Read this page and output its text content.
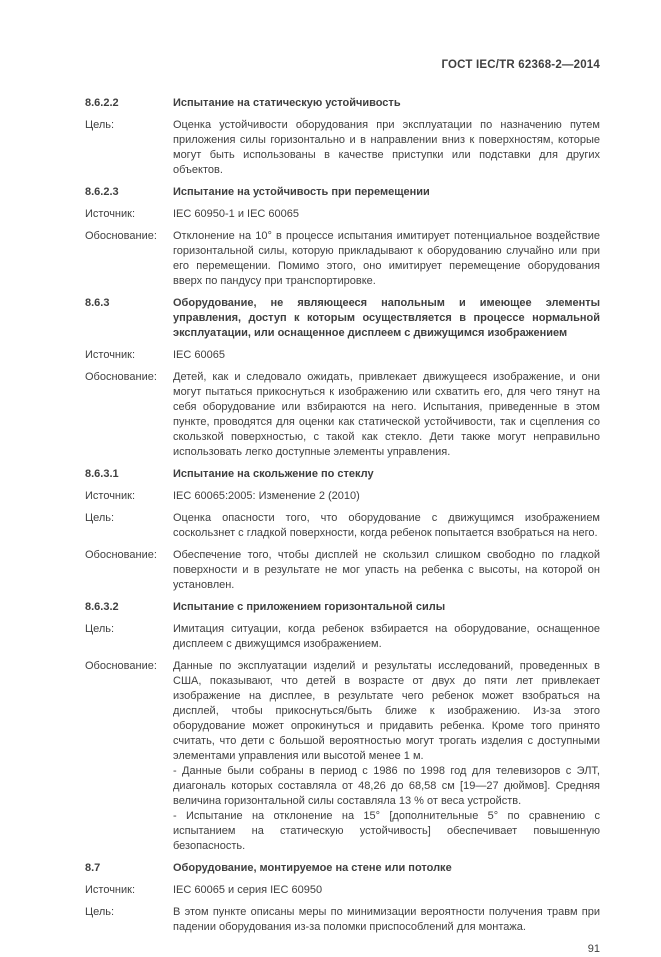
ГОСТ IEC/TR 62368-2—2014
8.6.2.2	Испытание на статическую устойчивость

Цель:	Оценка устойчивости оборудования при эксплуатации по назначению путем приложения силы горизонтально и в направлении вниз к поверхностям, которые могут быть использованы в качестве приступки или подставки для других объектов.

8.6.2.3	Испытание на устойчивость при перемещении

Источник:	IEC 60950-1 и IEC 60065

Обоснование:	Отклонение на 10° в процессе испытания имитирует потенциальное воздействие горизонтальной силы, которую прикладывают к оборудованию случайно или при его перемещении. Помимо этого, оно имитирует перемещение оборудования вверх по пандусу при транспортировке.

8.6.3	Оборудование, не являющееся напольным и имеющее элементы управления, доступ к которым осуществляется в процессе нормальной эксплуатации, или оснащенное дисплеем с движущимся изображением

Источник:	IEC 60065

Обоснование:	Детей, как и следовало ожидать, привлекает движущееся изображение, и они могут пытаться прикоснуться к изображению или схватить его, для чего тянут на себя оборудование или взбираются на него. Испытания, приведенные в этом пункте, проводятся для оценки как статической устойчивости, так и сцепления со скользкой поверхностью, с такой как стекло. Дети также могут неправильно использовать легко доступные элементы управления.

8.6.3.1	Испытание на скольжение по стеклу

Источник:	IEC 60065:2005: Изменение 2 (2010)

Цель:	Оценка опасности того, что оборудование с движущимся изображением соскользнет с гладкой поверхности, когда ребенок попытается взобраться на него.

Обоснование:	Обеспечение того, чтобы дисплей не скользил слишком свободно по гладкой поверхности и в результате не мог упасть на ребенка с высоты, на которой он установлен.

8.6.3.2	Испытание с приложением горизонтальной силы

Цель:	Имитация ситуации, когда ребенок взбирается на оборудование, оснащенное дисплеем с движущимся изображением.

Обоснование:	Данные по эксплуатации изделий и результаты исследований, проведенных в США, показывают, что детей в возрасте от двух до пяти лет привлекает изображение на дисплее, в результате чего ребенок может взобраться на дисплей, чтобы прикоснуться/быть ближе к изображению. Из-за этого оборудование может опрокинуться и придавить ребенка. Кроме того принято считать, что дети с большой вероятностью могут трогать изделия с доступными элементами управления или высотой менее 1 м.

- Данные были собраны в период с 1986 по 1998 год для телевизоров с ЭЛТ, диагональ которых составляла от 48,26 до 68,58 см [19—27 дюймов]. Средняя величина горизонтальной силы составляла 13 % от веса устройств.

- Испытание на отклонение на 15° [дополнительные 5° по сравнению с испытанием на статическую устойчивость] обеспечивает повышенную безопасность.

8.7	Оборудование, монтируемое на стене или потолке

Источник:	IEC 60065 и серия IEC 60950

Цель:	В этом пункте описаны меры по минимизации вероятности получения травм при падении оборудования из-за поломки приспособлений для монтажа.

91
